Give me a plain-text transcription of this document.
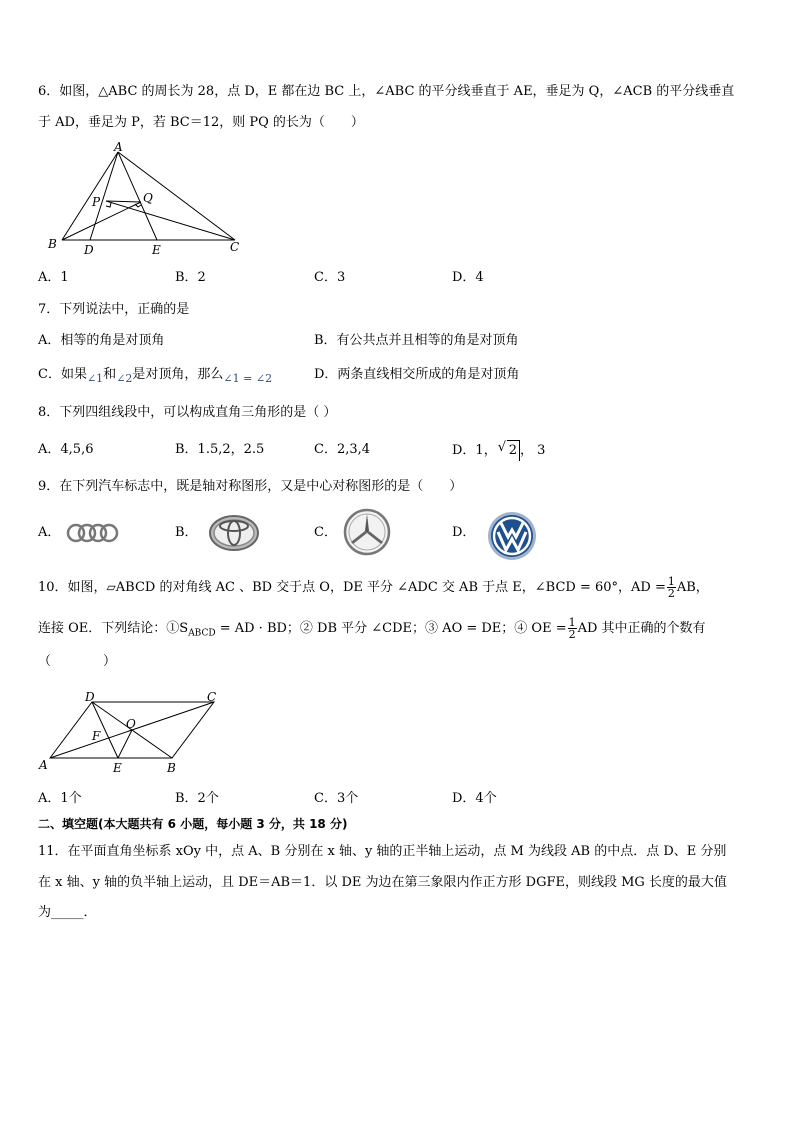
6．如图，△ABC 的周长为 28，点 D，E 都在边 BC 上，∠ABC 的平分线垂直于 AE，垂足为 Q，∠ACB 的平分线垂直
于 AD，垂足为 P，若 BC＝12，则 PQ 的长为（　　）
A
B	C
D	E
P	Q
A．1	B．2	C．3	D．4
7．下列说法中，正确的是
A．相等的角是对顶角	B．有公共点并且相等的角是对顶角
C．如果$_{\angle 1}$和$_{\angle 2}$是对顶角，那么$_{\angle 1 = \angle 2}$	D．两条直线相交所成的角是对顶角
8．下列四组线段中，可以构成直角三角形的是（ ）
A．4,5,6	B．1.5,2，2.5	C．2,3,4	D．1，√ 2 ， 3
9．在下列汽车标志中，既是轴对称图形，又是中心对称图形的是（　　）
A．	B．	C．	D．
10．如图，▱ABCD 的对角线 AC 、BD 交于点 O，DE 平分 ∠ADC 交 AB 于点 E，∠BCD = 60°，AD = $\frac{1}{2}$ AB，
连接 OE．下列结论：$①S_{ABCD}$ = AD · BD；② DB 平分 ∠CDE；③ AO = DE；④ OE = $\frac{1}{2}$ AD 其中正确的个数有
（　　　　）
D	C
A	E	B
F
O
A．1个	B．2个	C．3个	D．4个
二、填空题(本大题共有 6 小题，每小题 3 分，共 18 分)
11．在平面直角坐标系 xOy 中，点 A、B 分别在 x 轴、y 轴的正半轴上运动，点 M 为线段 AB 的中点．点 D、E 分别
在 x 轴、y 轴的负半轴上运动，且 DE＝AB＝1．以 DE 为边在第三象限内作正方形 DGFE，则线段 MG 长度的最大值
为_____．
